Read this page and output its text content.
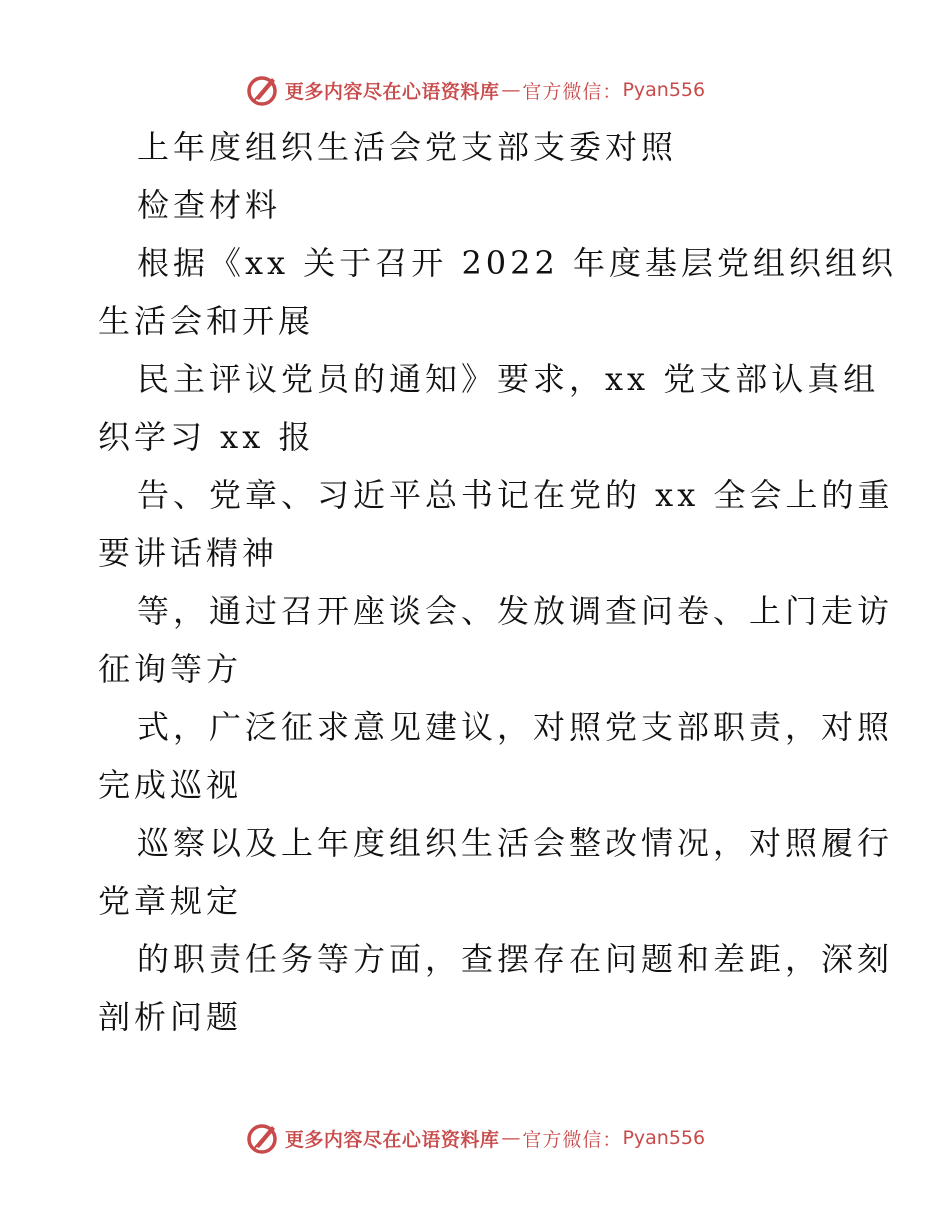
更多内容尽在心语资料库 — 官方微信： Pyan556
上年度组织生活会党支部支委对照
检查材料
根据《xx 关于召开 2022 年度基层党组织组织
生活会和开展
民主评议党员的通知》要求，xx 党支部认真组
织学习 xx 报
告、党章、习近平总书记在党的 xx 全会上的重
要讲话精神
等，通过召开座谈会、发放调查问卷、上门走访
征询等方
式，广泛征求意见建议，对照党支部职责，对照
完成巡视
巡察以及上年度组织生活会整改情况，对照履行
党章规定
的职责任务等方面，查摆存在问题和差距，深刻
剖析问题
更多内容尽在心语资料库 — 官方微信： Pyan556
